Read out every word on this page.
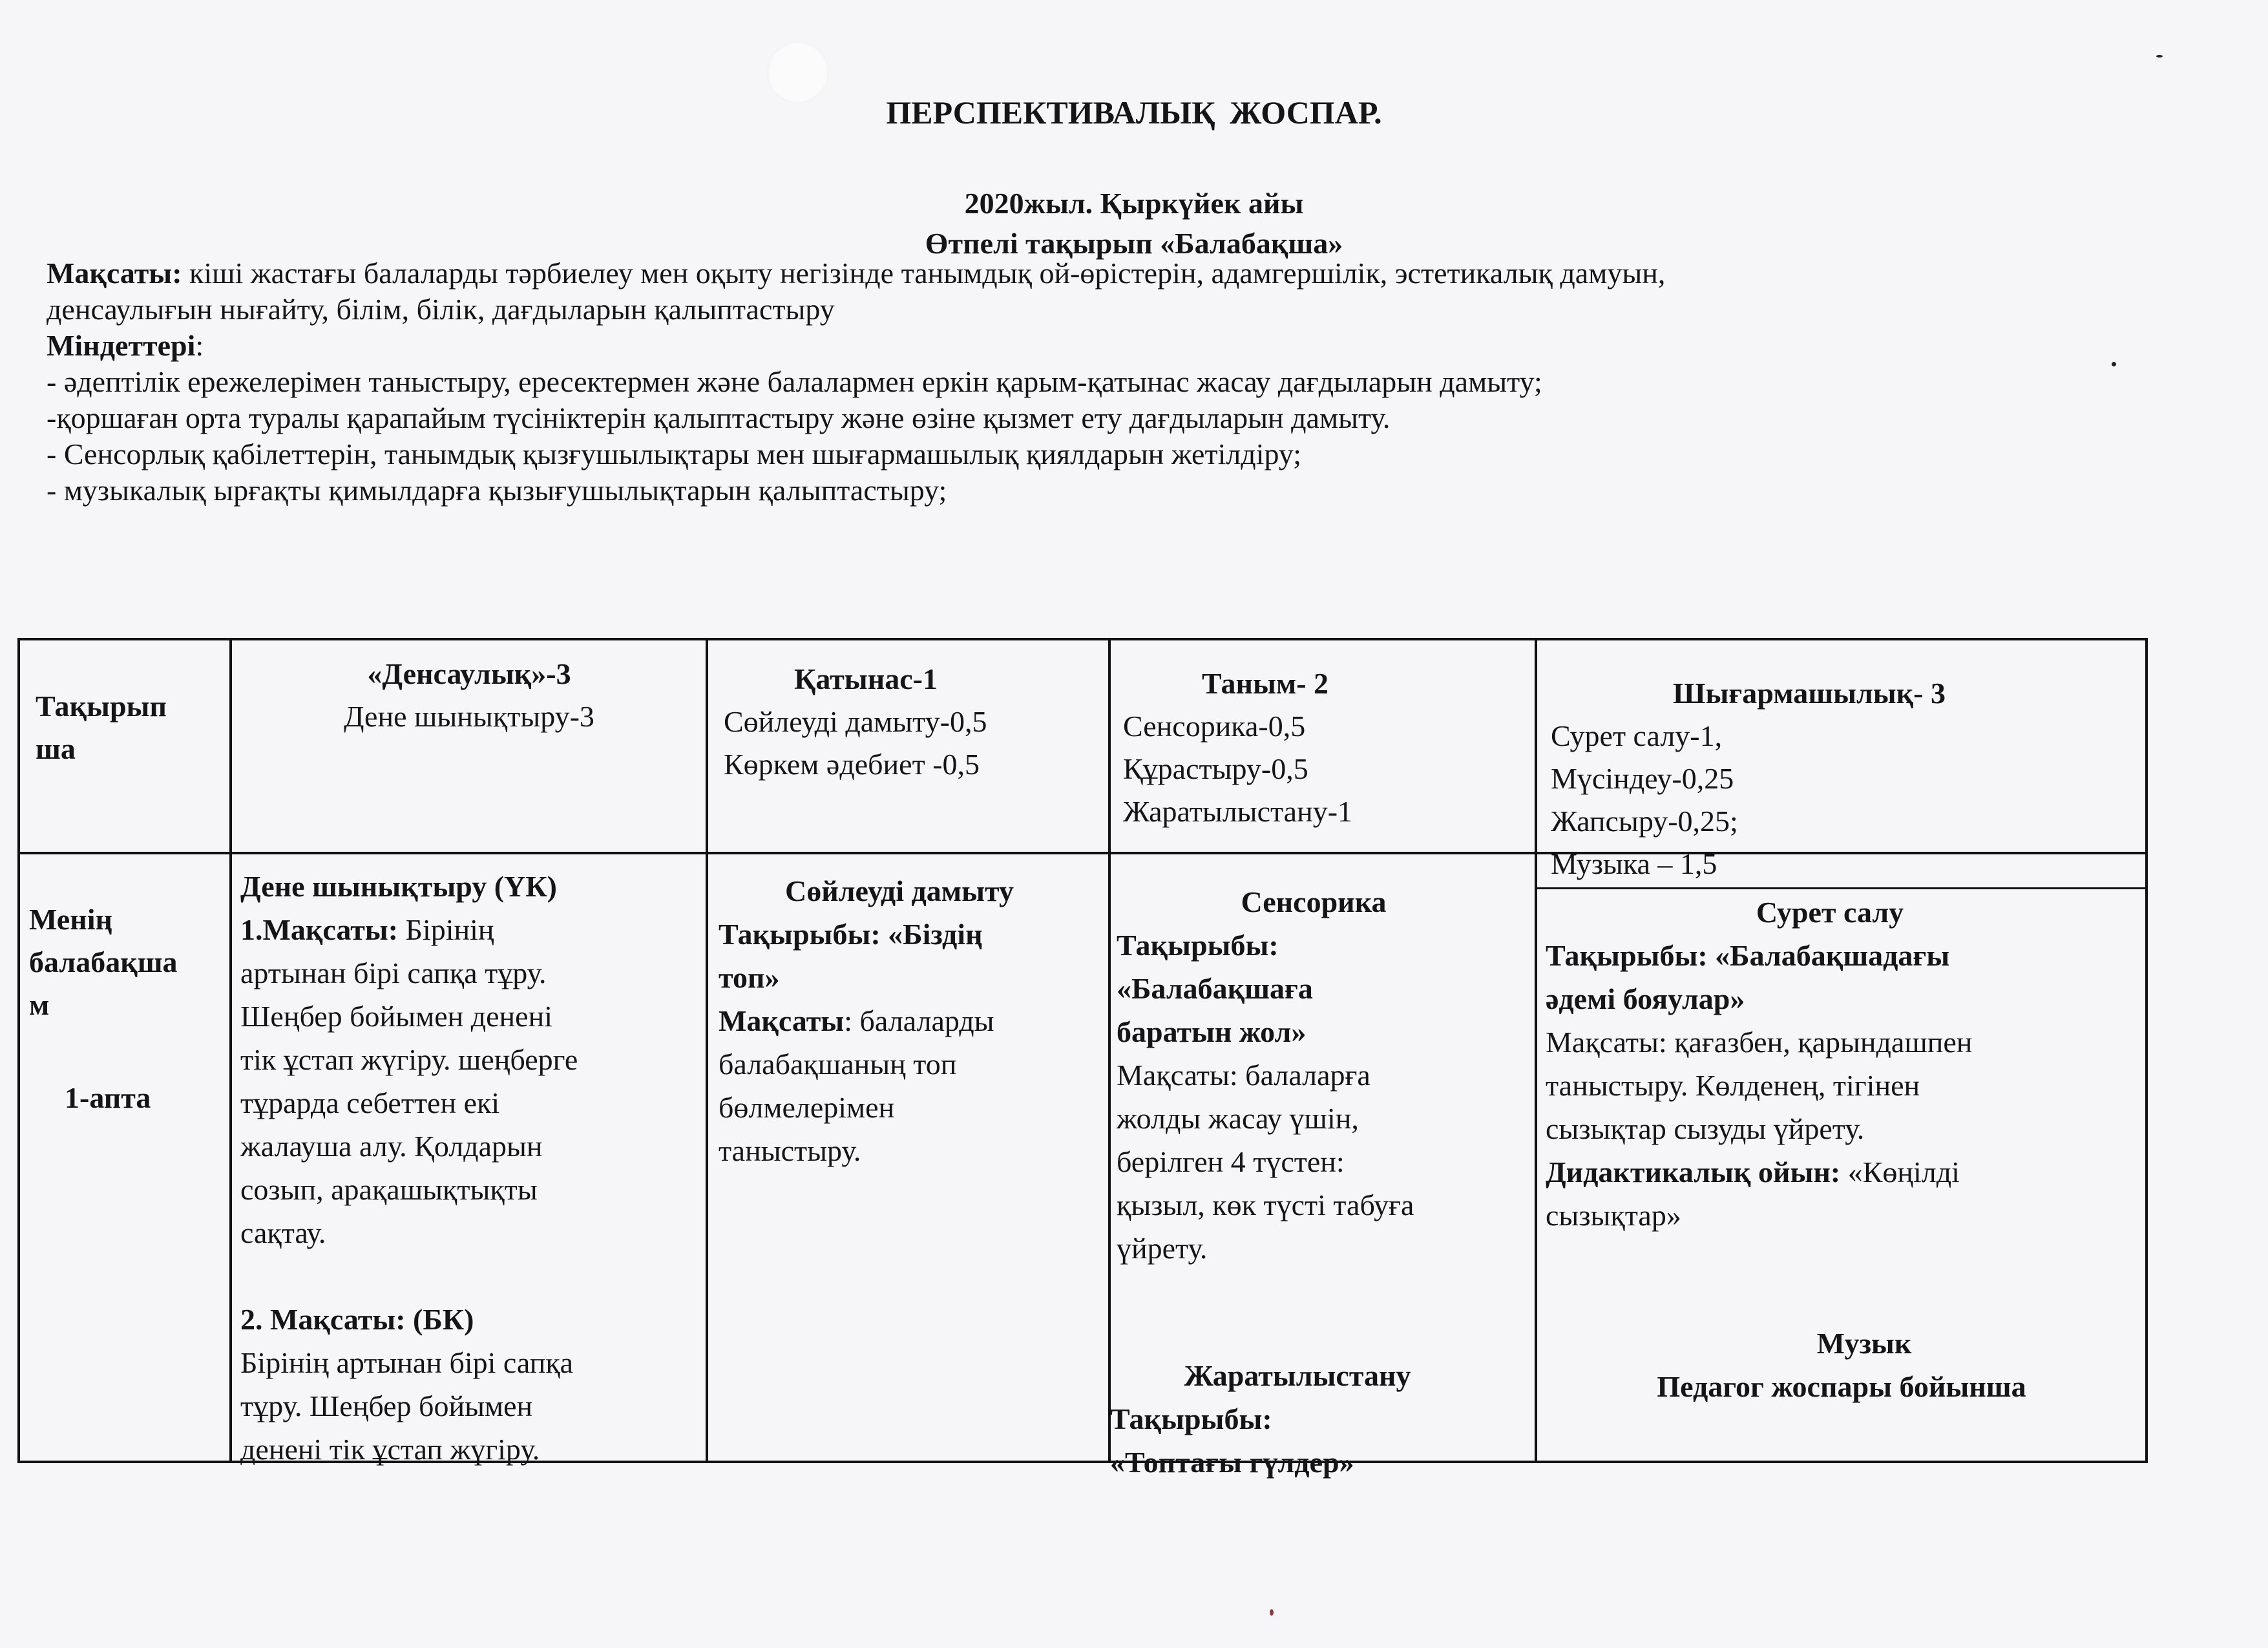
ПЕРСПЕКТИВАЛЫҚ ЖОСПАР.
2020жыл. Қыркүйек айы
Өтпелі тақырып «Балабақша»
Мақсаты: кіші жастағы балаларды тәрбиелеу мен оқыту негізінде танымдық ой-өрістерін, адамгершілік, эстетикалық дамуын,
денсаулығын нығайту, білім, білік, дағдыларын қалыптастыру
Міндеттері:
- әдептілік ережелерімен таныстыру, ересектермен және балалармен еркін қарым-қатынас жасау дағдыларын дамыту;
-қоршаған орта туралы қарапайым түсініктерін қалыптастыру және өзіне қызмет ету дағдыларын дамыту.
- Сенсорлық қабілеттерін, танымдық қызғушылықтары мен шығармашылық қиялдарын жетілдіру;
- музыкалық ырғақты қимылдарға қызығушылықтарын қалыптастыру;
Тақырып
ша
«Денсаулық»-3
Дене шынықтыру-3
Қатынас-1
Сөйлеуді дамыту-0,5
Көркем әдебиет -0,5
Таным- 2
Сенсорика-0,5
Құрастыру-0,5
Жаратылыстану-1
Шығармашылық- 3
Сурет салу-1,
Мүсіндеу-0,25
Жапсыру-0,25;
Музыка – 1,5
Менің
балабақша
м
1-апта
Дене шынықтыру (ҮК)
1.Мақсаты: Бірінің
артынан бірі сапқа тұру.
Шеңбер бойымен денені
тік ұстап жүгіру. шеңберге
тұрарда себеттен екі
жалауша алу. Қолдарын
созып, арақашықтықты
сақтау.
2. Мақсаты: (БК)
Бірінің артынан бірі сапқа
тұру. Шеңбер бойымен
денені тік ұстап жүгіру.
Сөйлеуді дамыту
Тақырыбы: «Біздің
топ»
Мақсаты: балаларды
балабақшаның топ
бөлмелерімен
таныстыру.
Сенсорика
Тақырыбы:
«Балабақшаға
баратын жол»
Мақсаты: балаларға
жолды жасау үшін,
берілген 4 түстен:
қызыл, көк түсті табуға
үйрету.
Жаратылыстану
Тақырыбы:
«Топтағы гүлдер»
Сурет салу
Тақырыбы: «Балабақшадағы
әдемі бояулар»
Мақсаты: қағазбен, қарындашпен
таныстыру. Көлденең, тігінен
сызықтар сызуды үйрету.
Дидактикалық ойын: «Көңілді
сызықтар»
Музык
Педагог жоспары бойынша
